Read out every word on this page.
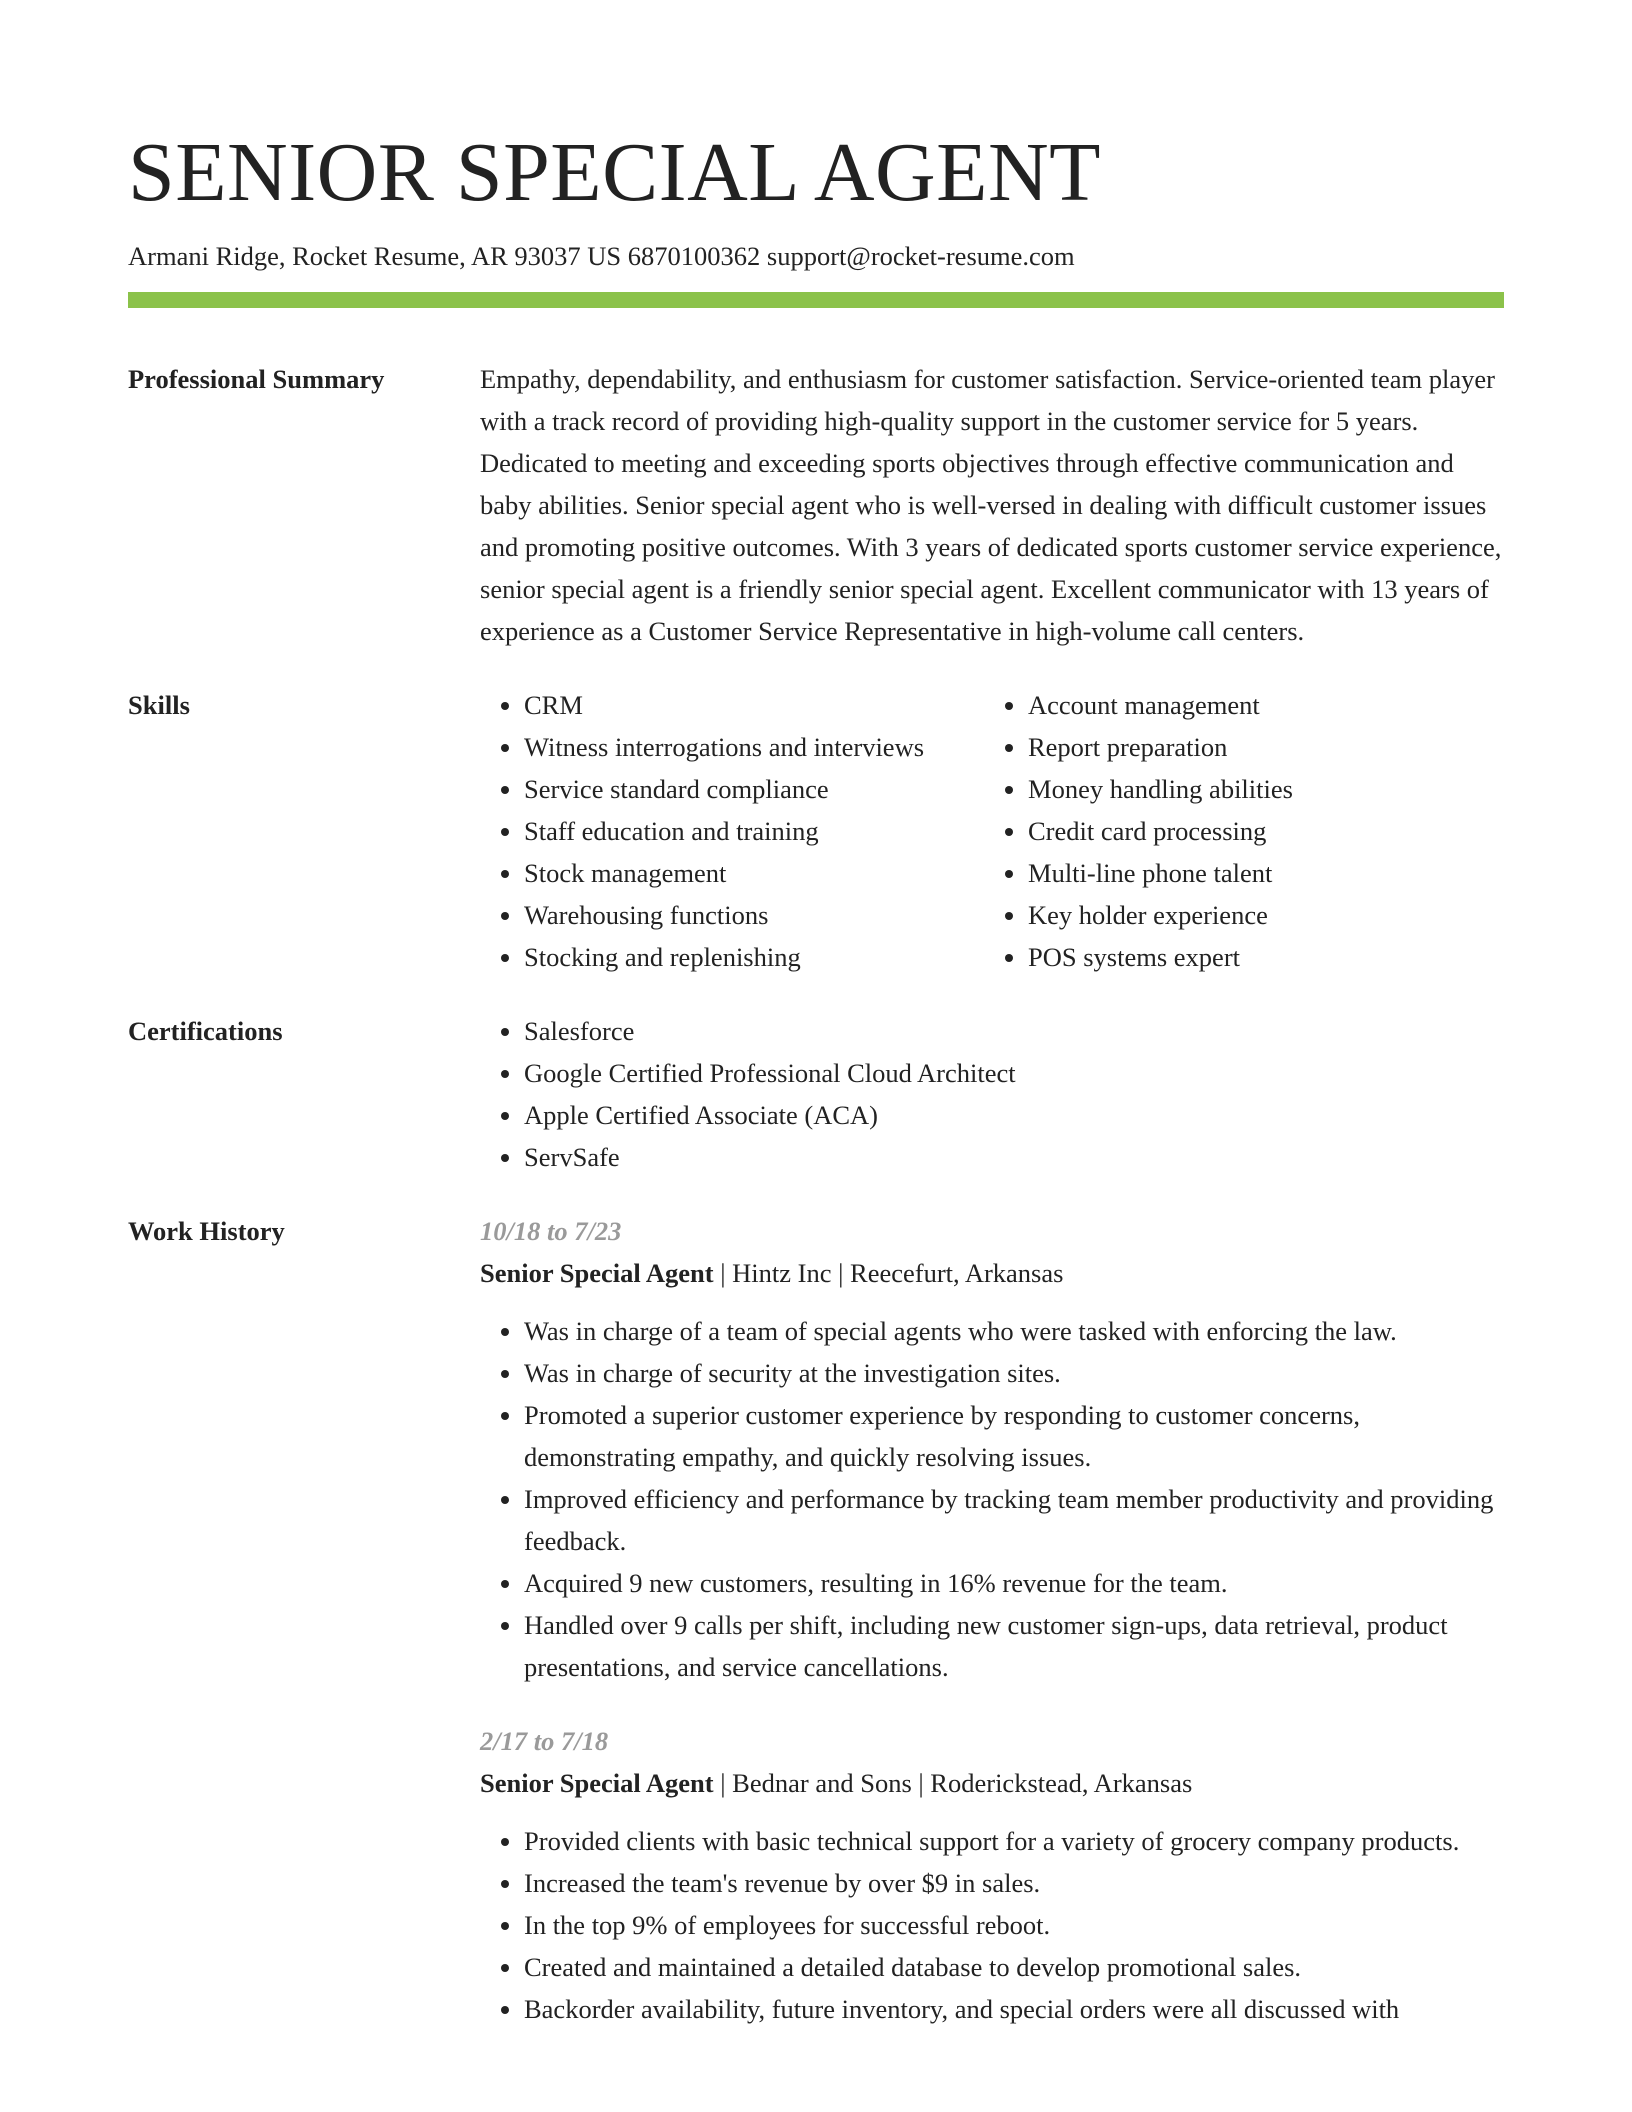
SENIOR SPECIAL AGENT
Armani Ridge, Rocket Resume, AR 93037 US 6870100362 support@rocket-resume.com
Professional Summary	Empathy, dependability, and enthusiasm for customer satisfaction. Service-oriented team player with a track record of providing high-quality support in the customer service for 5 years. Dedicated to meeting and exceeding sports objectives through effective communication and baby abilities. Senior special agent who is well-versed in dealing with difficult customer issues and promoting positive outcomes. With 3 years of dedicated sports customer service experience, senior special agent is a friendly senior special agent. Excellent communicator with 13 years of experience as a Customer Service Representative in high-volume call centers.
Skills	• CRM
• Witness interrogations and interviews
• Service standard compliance
• Staff education and training
• Stock management
• Warehousing functions
• Stocking and replenishing
• Account management
• Report preparation
• Money handling abilities
• Credit card processing
• Multi-line phone talent
• Key holder experience
• POS systems expert
Certifications	• Salesforce
• Google Certified Professional Cloud Architect
• Apple Certified Associate (ACA)
• ServSafe
Work History	10/18 to 7/23
Senior Special Agent | Hintz Inc | Reecefurt, Arkansas
• Was in charge of a team of special agents who were tasked with enforcing the law.
• Was in charge of security at the investigation sites.
• Promoted a superior customer experience by responding to customer concerns, demonstrating empathy, and quickly resolving issues.
• Improved efficiency and performance by tracking team member productivity and providing feedback.
• Acquired 9 new customers, resulting in 16% revenue for the team.
• Handled over 9 calls per shift, including new customer sign-ups, data retrieval, product presentations, and service cancellations.
2/17 to 7/18
Senior Special Agent | Bednar and Sons | Roderickstead, Arkansas
• Provided clients with basic technical support for a variety of grocery company products.
• Increased the team's revenue by over $9 in sales.
• In the top 9% of employees for successful reboot.
• Created and maintained a detailed database to develop promotional sales.
• Backorder availability, future inventory, and special orders were all discussed with
